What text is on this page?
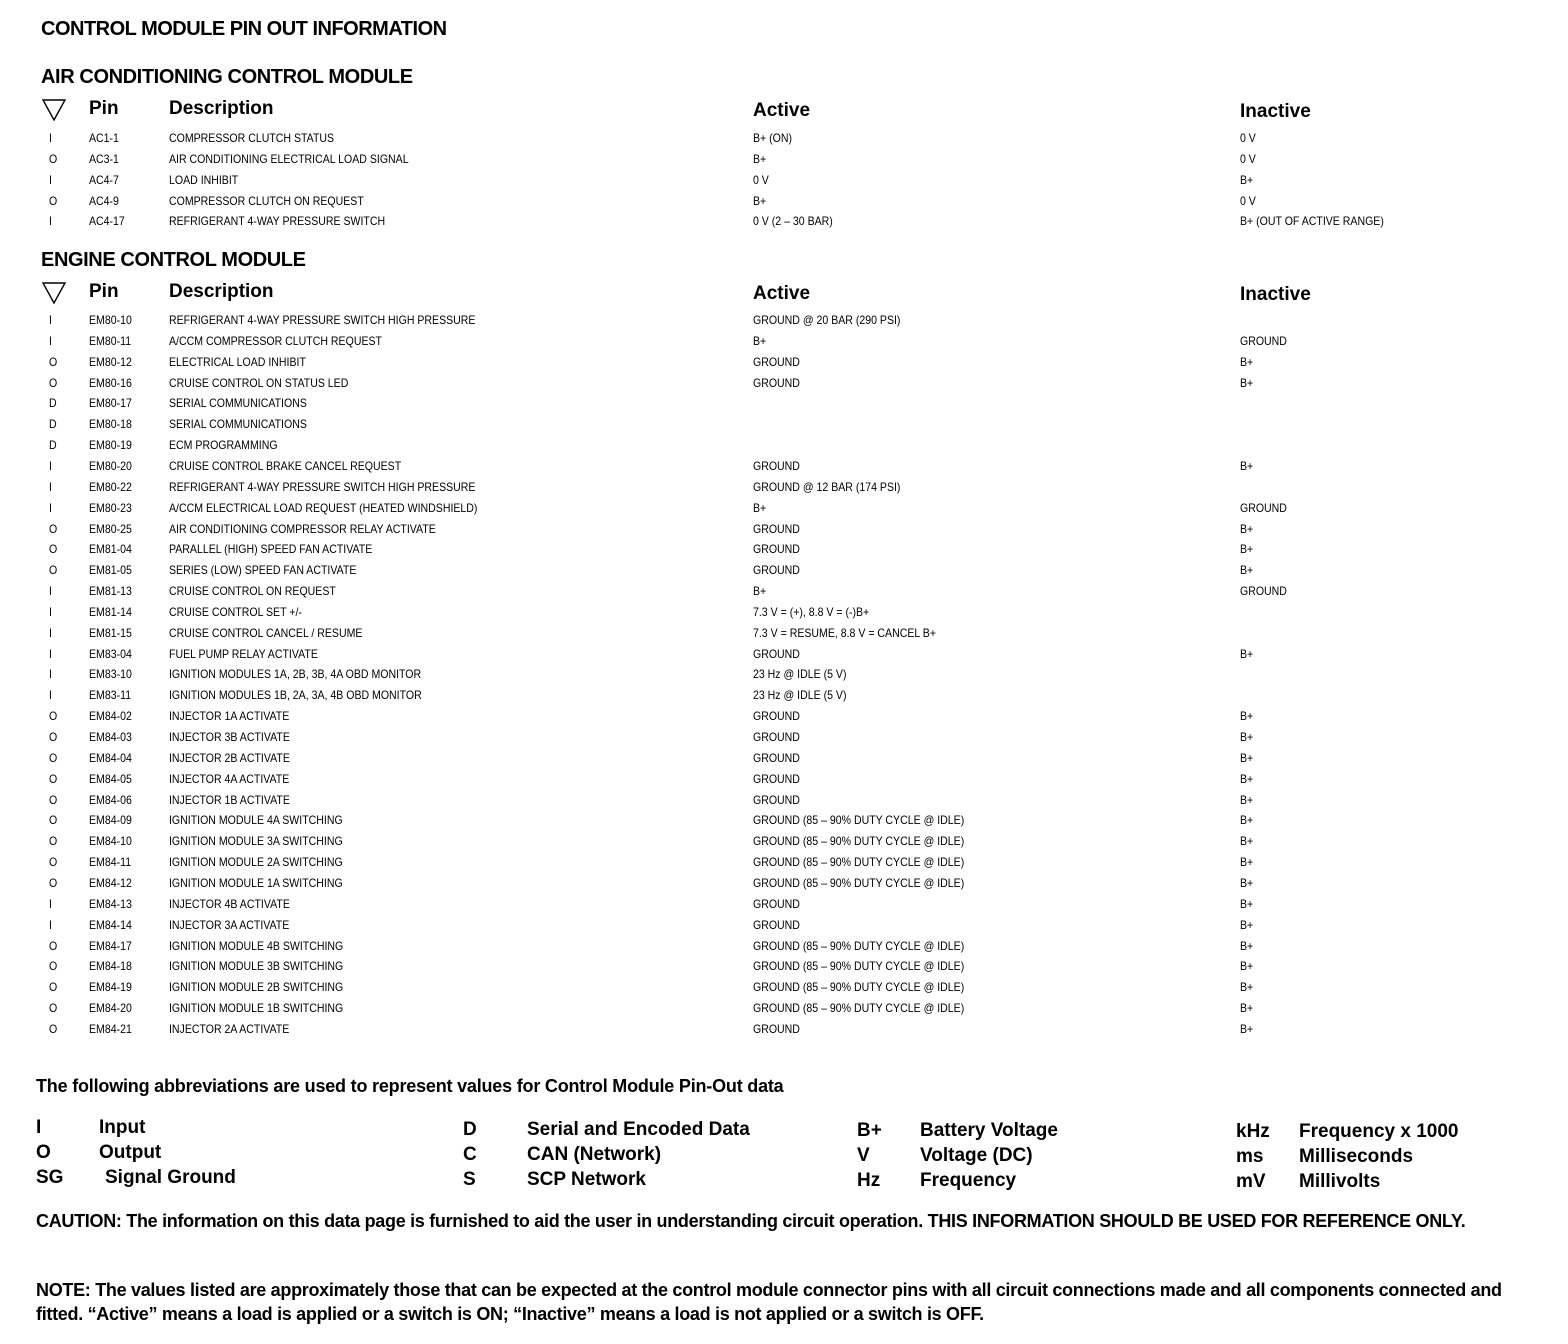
CONTROL MODULE PIN OUT INFORMATION
AIR CONDITIONING CONTROL MODULE
Pin	Description	Active	Inactive
I	AC1-1	COMPRESSOR CLUTCH STATUS	B+ (ON)	0 V
O	AC3-1	AIR CONDITIONING ELECTRICAL LOAD SIGNAL	B+	0 V
I	AC4-7	LOAD INHIBIT	0 V	B+
O	AC4-9	COMPRESSOR CLUTCH ON REQUEST	B+	0 V
I	AC4-17	REFRIGERANT 4-WAY PRESSURE SWITCH	0 V (2 – 30 BAR)	B+ (OUT OF ACTIVE RANGE)
ENGINE CONTROL MODULE
Pin	Description	Active	Inactive
I	EM80-10	REFRIGERANT 4-WAY PRESSURE SWITCH HIGH PRESSURE	GROUND @ 20 BAR (290 PSI)
I	EM80-11	A/CCM COMPRESSOR CLUTCH REQUEST	B+	GROUND
O	EM80-12	ELECTRICAL LOAD INHIBIT	GROUND	B+
O	EM80-16	CRUISE CONTROL ON STATUS LED	GROUND	B+
D	EM80-17	SERIAL COMMUNICATIONS
D	EM80-18	SERIAL COMMUNICATIONS
D	EM80-19	ECM PROGRAMMING
I	EM80-20	CRUISE CONTROL BRAKE CANCEL REQUEST	GROUND	B+
I	EM80-22	REFRIGERANT 4-WAY PRESSURE SWITCH HIGH PRESSURE	GROUND @ 12 BAR (174 PSI)
I	EM80-23	A/CCM ELECTRICAL LOAD REQUEST (HEATED WINDSHIELD)	B+	GROUND
O	EM80-25	AIR CONDITIONING COMPRESSOR RELAY ACTIVATE	GROUND	B+
O	EM81-04	PARALLEL (HIGH) SPEED FAN ACTIVATE	GROUND	B+
O	EM81-05	SERIES (LOW) SPEED FAN ACTIVATE	GROUND	B+
I	EM81-13	CRUISE CONTROL ON REQUEST	B+	GROUND
I	EM81-14	CRUISE CONTROL SET +/-	7.3 V = (+), 8.8 V = (-)B+
I	EM81-15	CRUISE CONTROL CANCEL / RESUME	7.3 V = RESUME, 8.8 V = CANCEL B+
I	EM83-04	FUEL PUMP RELAY ACTIVATE	GROUND	B+
I	EM83-10	IGNITION MODULES 1A, 2B, 3B, 4A OBD MONITOR	23 Hz @ IDLE (5 V)
I	EM83-11	IGNITION MODULES 1B, 2A, 3A, 4B OBD MONITOR	23 Hz @ IDLE (5 V)
O	EM84-02	INJECTOR 1A ACTIVATE	GROUND	B+
O	EM84-03	INJECTOR 3B ACTIVATE	GROUND	B+
O	EM84-04	INJECTOR 2B ACTIVATE	GROUND	B+
O	EM84-05	INJECTOR 4A ACTIVATE	GROUND	B+
O	EM84-06	INJECTOR 1B ACTIVATE	GROUND	B+
O	EM84-09	IGNITION MODULE 4A SWITCHING	GROUND (85 – 90% DUTY CYCLE @ IDLE)	B+
O	EM84-10	IGNITION MODULE 3A SWITCHING	GROUND (85 – 90% DUTY CYCLE @ IDLE)	B+
O	EM84-11	IGNITION MODULE 2A SWITCHING	GROUND (85 – 90% DUTY CYCLE @ IDLE)	B+
O	EM84-12	IGNITION MODULE 1A SWITCHING	GROUND (85 – 90% DUTY CYCLE @ IDLE)	B+
I	EM84-13	INJECTOR 4B ACTIVATE	GROUND	B+
I	EM84-14	INJECTOR 3A ACTIVATE	GROUND	B+
O	EM84-17	IGNITION MODULE 4B SWITCHING	GROUND (85 – 90% DUTY CYCLE @ IDLE)	B+
O	EM84-18	IGNITION MODULE 3B SWITCHING	GROUND (85 – 90% DUTY CYCLE @ IDLE)	B+
O	EM84-19	IGNITION MODULE 2B SWITCHING	GROUND (85 – 90% DUTY CYCLE @ IDLE)	B+
O	EM84-20	IGNITION MODULE 1B SWITCHING	GROUND (85 – 90% DUTY CYCLE @ IDLE)	B+
O	EM84-21	INJECTOR 2A ACTIVATE	GROUND	B+
The following abbreviations are used to represent values for Control Module Pin-Out data
I	Input
O	Output
SG Signal Ground
D	Serial and Encoded Data
C	CAN (Network)
S	SCP Network
B+ Battery Voltage
V	Voltage (DC)
Hz Frequency
kHz Frequency x 1000
ms Milliseconds
mV Millivolts
CAUTION: The information on this data page is furnished to aid the user in understanding circuit operation. THIS INFORMATION SHOULD BE USED FOR REFERENCE ONLY.
NOTE: The values listed are approximately those that can be expected at the control module connector pins with all circuit connections made and all components connected and fitted. “Active” means a load is applied or a switch is ON; “Inactive” means a load is not applied or a switch is OFF.
